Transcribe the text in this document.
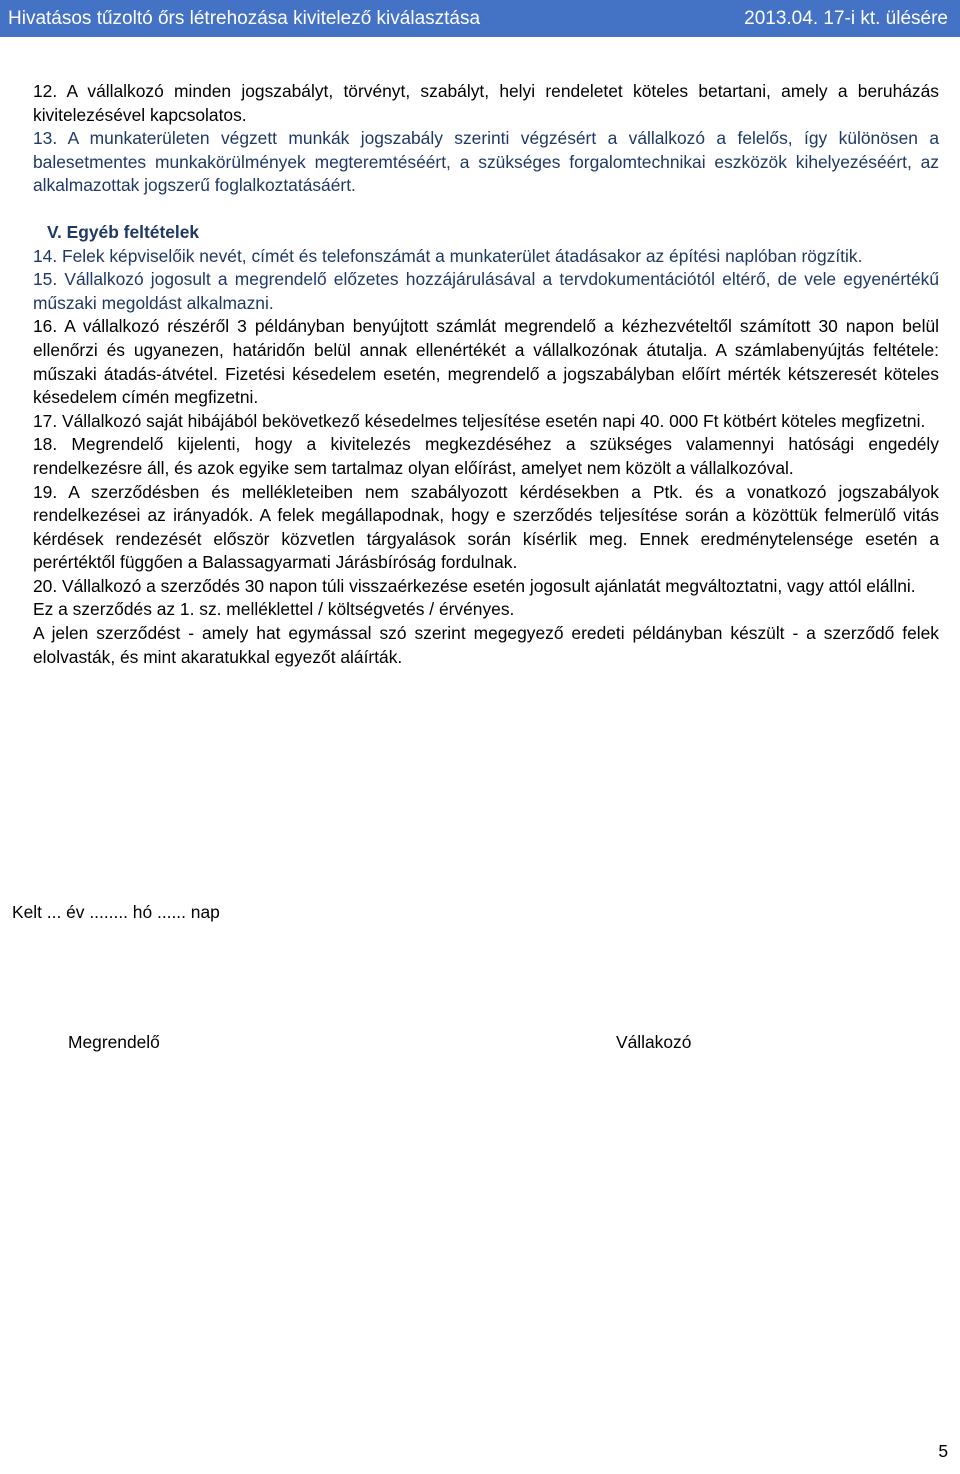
Hivatásos tűzoltó őrs létrehozása kivitelező kiválasztása	2013.04. 17-i kt. ülésére

12. A vállalkozó minden jogszabályt, törvényt, szabályt, helyi rendeletet köteles betartani, amely a beruházás kivitelezésével kapcsolatos.

13. A munkaterületen végzett munkák jogszabály szerinti végzésért a vállalkozó a felelős, így különösen a balesetmentes munkakörülmények megteremtéséért, a szükséges forgalomtechnikai eszközök kihelyezéséért, az alkalmazottak jogszerű foglalkoztatásáért.

V. Egyéb feltételek

14. Felek képviselőik nevét, címét és telefonszámát a munkaterület átadásakor az építési naplóban rögzítik.

15. Vállalkozó jogosult a megrendelő előzetes hozzájárulásával a tervdokumentációtól eltérő, de vele egyenértékű műszaki megoldást alkalmazni.

16. A vállalkozó részéről 3 példányban benyújtott számlát megrendelő a kézhezvételtől számított 30 napon belül ellenőrzi és ugyanezen, határidőn belül annak ellenértékét a vállalkozónak átutalja. A számlabenyújtás feltétele: műszaki átadás-átvétel. Fizetési késedelem esetén, megrendelő a jogszabályban előírt mérték kétszeresét köteles késedelem címén megfizetni.

17. Vállalkozó saját hibájából bekövetkező késedelmes teljesítése esetén napi 40. 000 Ft kötbért köteles megfizetni.

18. Megrendelő kijelenti, hogy a kivitelezés megkezdéséhez a szükséges valamennyi hatósági engedély rendelkezésre áll, és azok egyike sem tartalmaz olyan előírást, amelyet nem közölt a vállalkozóval.

19. A szerződésben és mellékleteiben nem szabályozott kérdésekben a Ptk. és a vonatkozó jogszabályok rendelkezései az irányadók. A felek megállapodnak, hogy e szerződés teljesítése során a közöttük felmerülő vitás kérdések rendezését először közvetlen tárgyalások során kísérlik meg. Ennek eredménytelensége esetén a perértéktől függően a Balassagyarmati Járásbíróság fordulnak.

20. Vállalkozó a szerződés 30 napon túli visszaérkezése esetén jogosult ajánlatát megváltoztatni, vagy attól elállni.

Ez a szerződés az 1. sz. melléklettel / költségvetés / érvényes.

A jelen szerződést - amely hat egymással szó szerint megegyező eredeti példányban készült - a szerződő felek elolvasták, és mint akaratukkal egyezőt aláírták.

Kelt ... év ........ hó ...... nap
Megrendelő	Vállakozó
5
